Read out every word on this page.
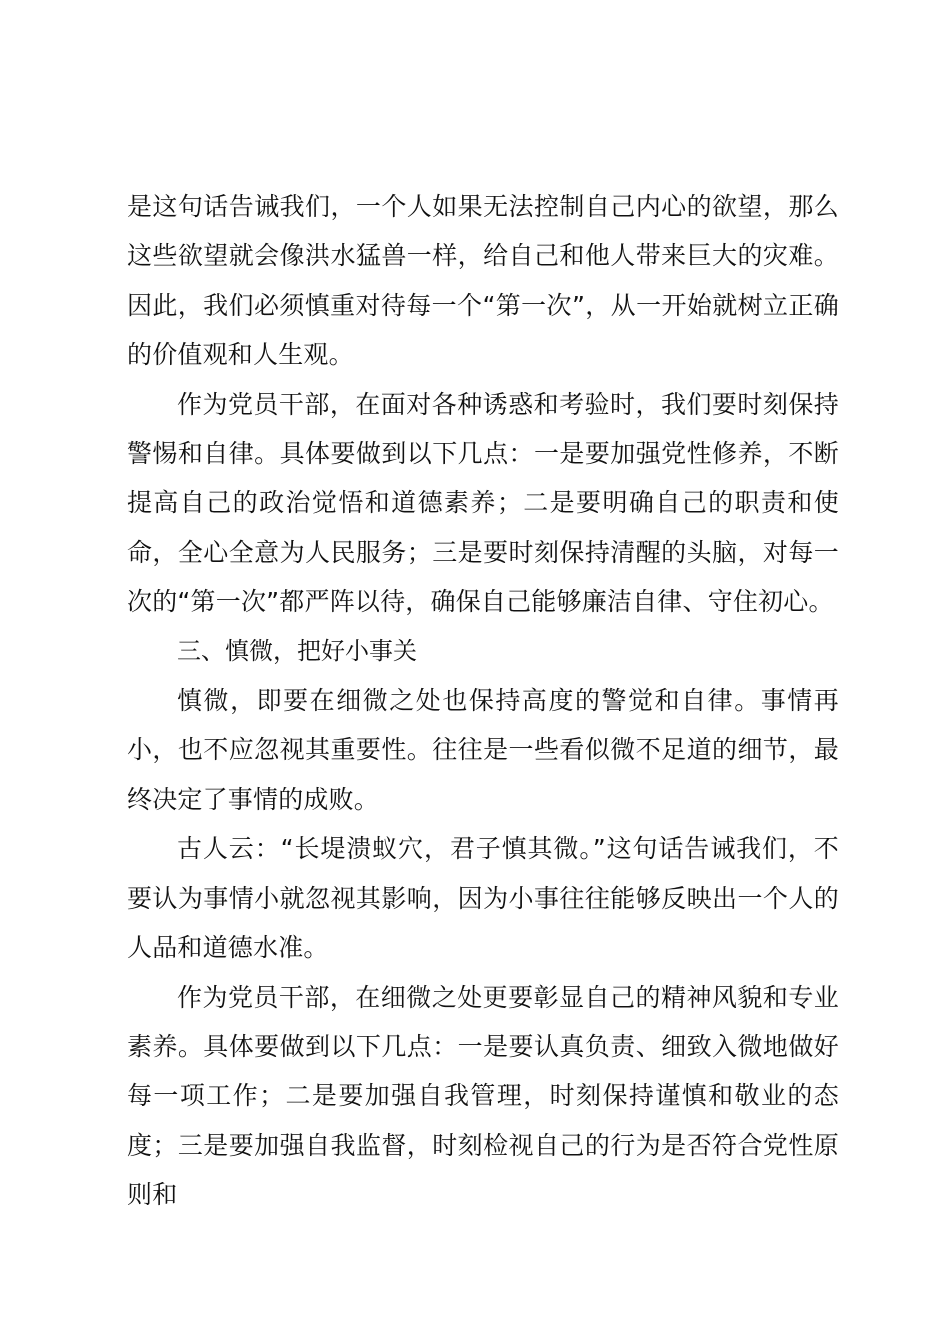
是这句话告诫我们，一个人如果无法控制自己内心的欲望，那么这些欲望就会像洪水猛兽一样，给自己和他人带来巨大的灾难。因此，我们必须慎重对待每一个“第一次”，从一开始就树立正确的价值观和人生观。

作为党员干部，在面对各种诱惑和考验时，我们要时刻保持警惕和自律。具体要做到以下几点：一是要加强党性修养，不断提高自己的政治觉悟和道德素养；二是要明确自己的职责和使命，全心全意为人民服务；三是要时刻保持清醒的头脑，对每一次的“第一次”都严阵以待，确保自己能够廉洁自律、守住初心。

三、慎微，把好小事关

慎微，即要在细微之处也保持高度的警觉和自律。事情再小，也不应忽视其重要性。往往是一些看似微不足道的细节，最终决定了事情的成败。

古人云：“长堤溃蚁穴，君子慎其微。”这句话告诫我们，不要认为事情小就忽视其影响，因为小事往往能够反映出一个人的人品和道德水准。

作为党员干部，在细微之处更要彰显自己的精神风貌和专业素养。具体要做到以下几点：一是要认真负责、细致入微地做好每一项工作；二是要加强自我管理，时刻保持谨慎和敬业的态度；三是要加强自我监督，时刻检视自己的行为是否符合党性原则和
